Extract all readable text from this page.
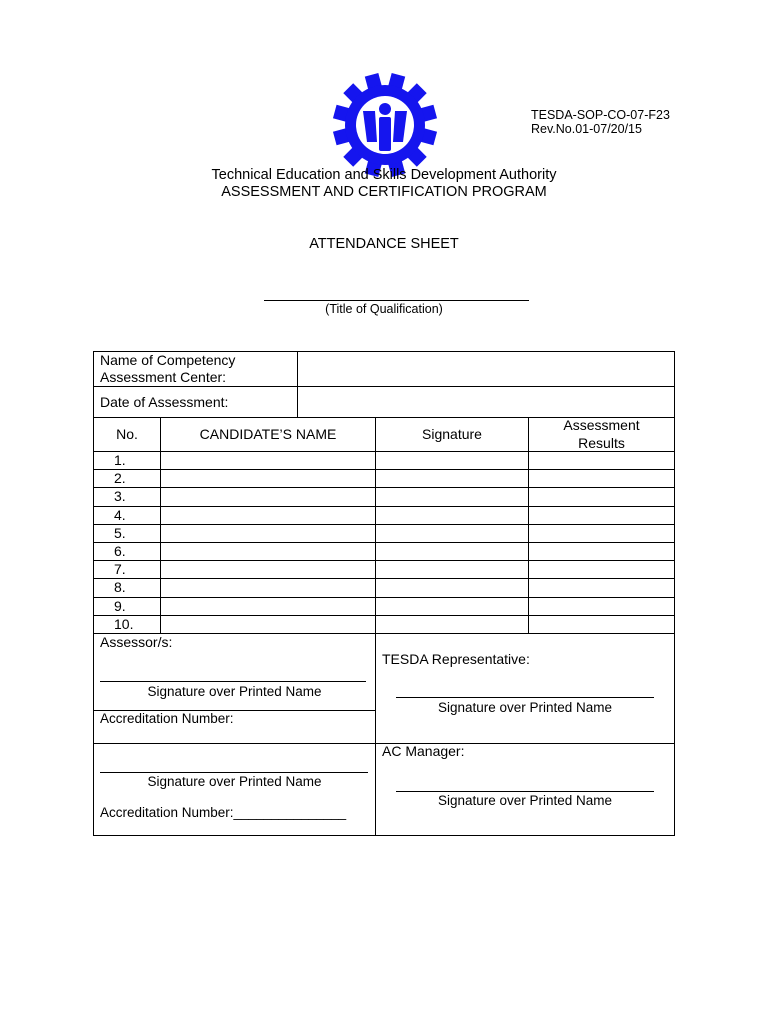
TESDA-SOP-CO-07-F23
Rev.No.01-07/20/15
Technical Education and Skills Development Authority
ASSESSMENT AND CERTIFICATION PROGRAM
ATTENDANCE SHEET
(Title of Qualification)
Name of Competency
Assessment Center:
Date of Assessment:
No.	CANDIDATE’S NAME	Signature
Assessment
Results
1.
2.
3.
4.
5.
6.
7.
8.
9.
10.
Assessor/s:
Signature over Printed Name
Accreditation Number:
TESDA Representative:
Signature over Printed Name
Signature over Printed Name
Accreditation Number:_______________
AC Manager:
Signature over Printed Name
